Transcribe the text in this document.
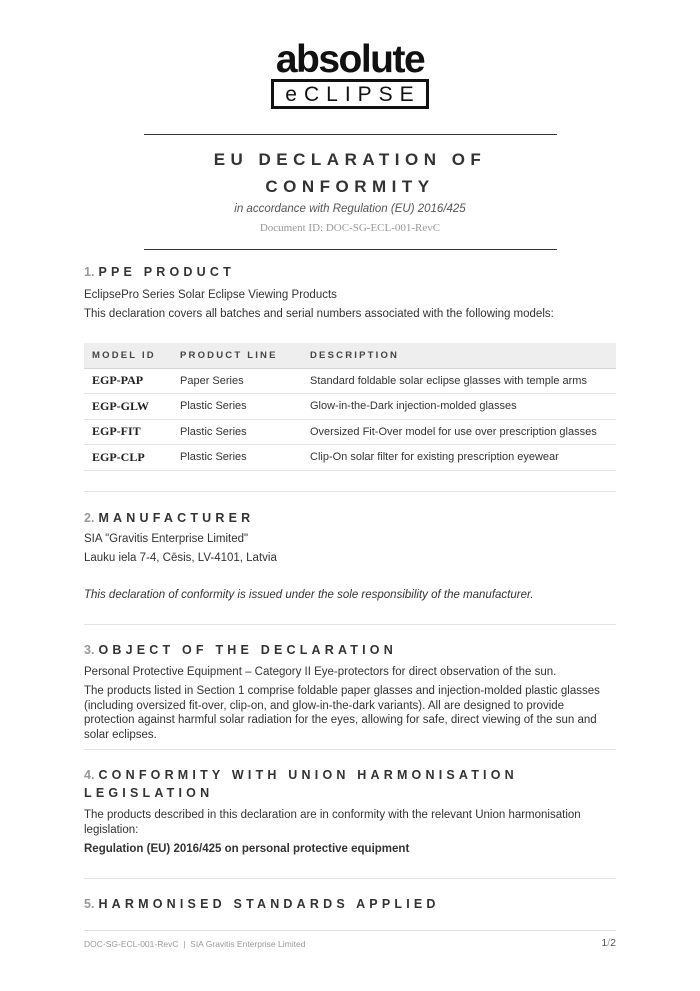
absolute
eCLIPSE
EU DECLARATION OF
CONFORMITY
in accordance with Regulation (EU) 2016/425
Document ID: DOC-SG-ECL-001-RevC
1. PPE PRODUCT
EclipsePro Series Solar Eclipse Viewing Products
This declaration covers all batches and serial numbers associated with the following models:
MODEL ID	PRODUCT LINE	DESCRIPTION
EGP-PAP	Paper Series	Standard foldable solar eclipse glasses with temple arms
EGP-GLW	Plastic Series	Glow-in-the-Dark injection-molded glasses
EGP-FIT	Plastic Series	Oversized Fit-Over model for use over prescription glasses
EGP-CLP	Plastic Series	Clip-On solar filter for existing prescription eyewear
2. MANUFACTURER
SIA "Gravitis Enterprise Limited"
Lauku iela 7-4, Cēsis, LV-4101, Latvia
This declaration of conformity is issued under the sole responsibility of the manufacturer.
3. OBJECT OF THE DECLARATION
Personal Protective Equipment – Category II Eye-protectors for direct observation of the sun.
The products listed in Section 1 comprise foldable paper glasses and injection-molded plastic glasses (including oversized fit-over, clip-on, and glow-in-the-dark variants). All are designed to provide protection against harmful solar radiation for the eyes, allowing for safe, direct viewing of the sun and solar eclipses.
4. CONFORMITY WITH UNION HARMONISATION
LEGISLATION
The products described in this declaration are in conformity with the relevant Union harmonisation legislation:
Regulation (EU) 2016/425 on personal protective equipment
5. HARMONISED STANDARDS APPLIED
DOC-SG-ECL-001-RevC | SIA Gravitis Enterprise Limited	1/2
